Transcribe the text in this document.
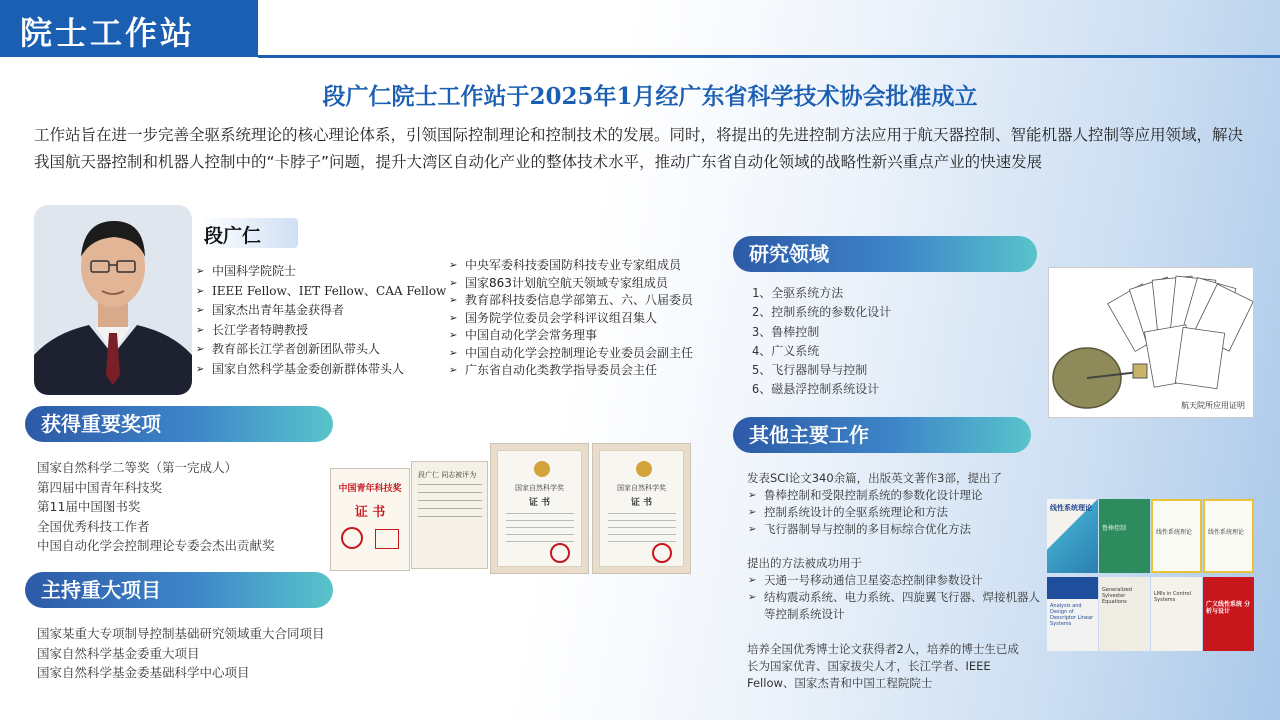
院士工作站
段广仁院士工作站于2025年1月经广东省科学技术协会批准成立

工作站旨在进一步完善全驱系统理论的核心理论体系，引领国际控制理论和控制技术的发展。同时，将提出的先进控制方法应用于航天器控制、智能机器人控制等应用领域，解决我国航天器控制和机器人控制中的“卡脖子”问题，提升大湾区自动化产业的整体技术水平，推动广东省自动化领域的战略性新兴重点产业的快速发展

段广仁
➢ 中国科学院院士
➢ IEEE Fellow、IET Fellow、CAA Fellow
➢ 国家杰出青年基金获得者
➢ 长江学者特聘教授
➢ 教育部长江学者创新团队带头人
➢ 国家自然科学基金委创新群体带头人
➢ 中央军委科技委国防科技专业专家组成员
➢ 国家863计划航空航天领域专家组成员
➢ 教育部科技委信息学部第五、六、八届委员
➢ 国务院学位委员会学科评议组召集人
➢ 中国自动化学会常务理事
➢ 中国自动化学会控制理论专业委员会副主任
➢ 广东省自动化类教学指导委员会主任
获得重要奖项
国家自然科学二等奖（第一完成人）
第四届中国青年科技奖
第11届中国图书奖
全国优秀科技工作者
中国自动化学会控制理论专委会杰出贡献奖
中国青年科技奖
证 书
段广仁 同志被评为
国家自然科学奖
证 书
国家自然科学奖
证 书
主持重大项目
国家某重大专项制导控制基础研究领域重大合同项目
国家自然科学基金委重大项目
国家自然科学基金委基础科学中心项目
研究领域
1、全驱系统方法
2、控制系统的参数化设计
3、鲁棒控制
4、广义系统
5、飞行器制导与控制
6、磁悬浮控制系统设计
航天院所应用证明
其他主要工作
发表SCI论文340余篇，出版英文著作3部，提出了
➢ 鲁棒控制和受限控制系统的参数化设计理论
➢ 控制系统设计的全驱系统理论和方法
➢ 飞行器制导与控制的多目标综合优化方法
提出的方法被成功用于
➢ 天通一号移动通信卫星姿态控制律参数设计
➢ 结构震动系统、电力系统、四旋翼飞行器、焊接机器人等控制系统设计
培养全国优秀博士论文获得者2人，培养的博士生已成
长为国家优青、国家拔尖人才，长江学者、IEEE
Fellow、国家杰青和中国工程院院士
线性系统理论
鲁棒控制
线性系统理论	线性系统理论
Analysis and Design of Descriptor Linear Systems
Generalized Sylvester Equations
LMIs in Control Systems
广义线性系统 分析与设计
